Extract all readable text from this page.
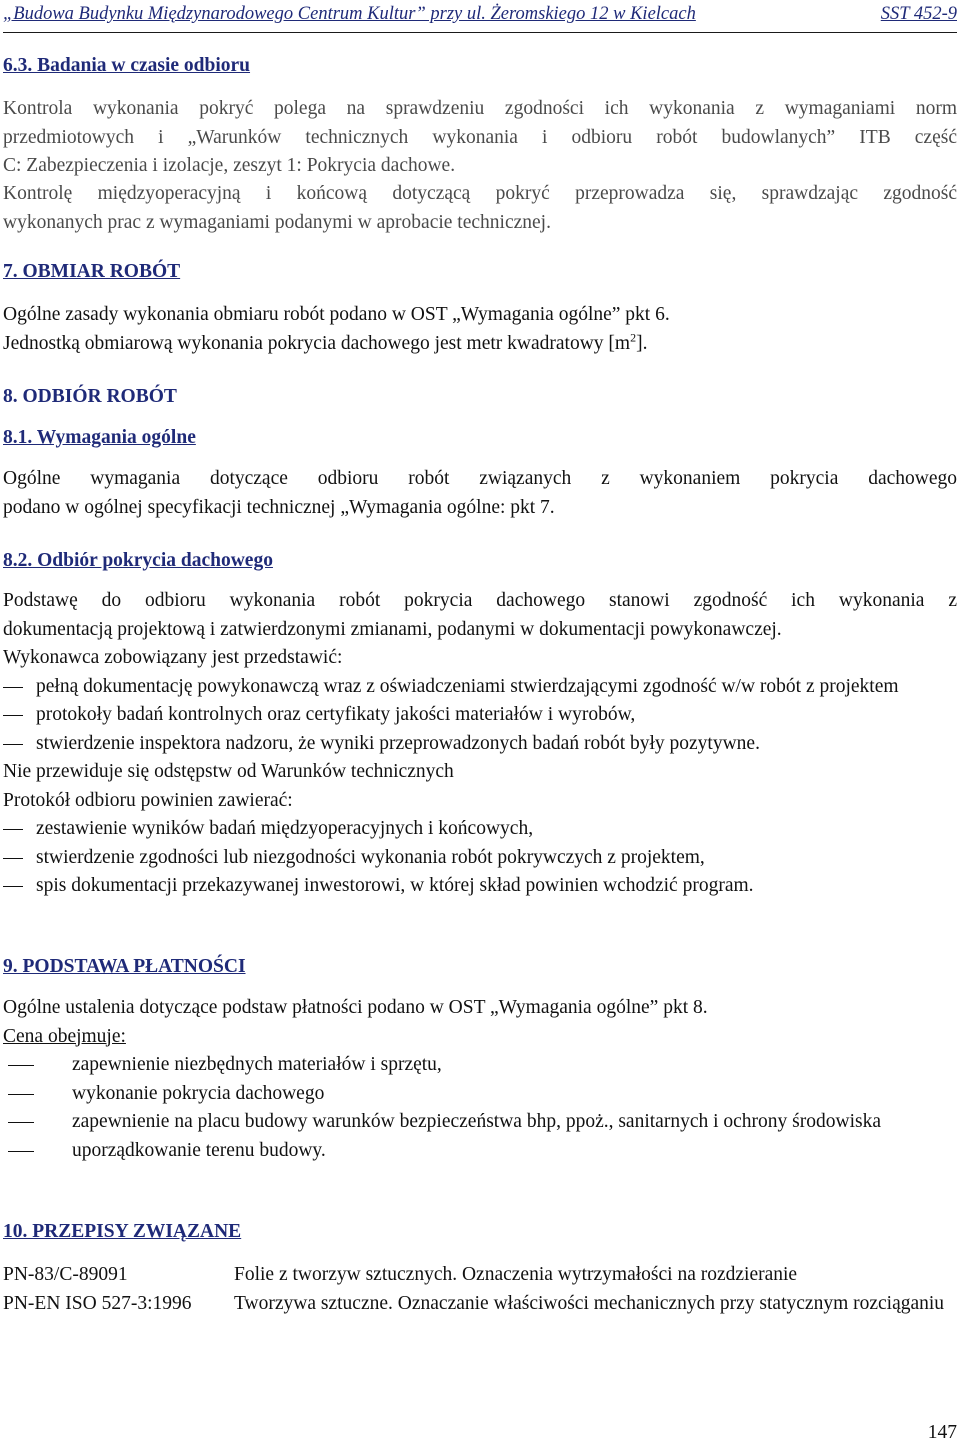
„Budowa Budynku Międzynarodowego Centrum Kultur” przy ul. Żeromskiego 12 w Kielcach	SST 452-9
6.3. Badania w czasie odbioru

Kontrola wykonania pokryć polega na sprawdzeniu zgodności ich wykonania z wymaganiami norm

przedmiotowych i „Warunków technicznych wykonania i odbioru robót budowlanych” ITB część

C: Zabezpieczenia i izolacje, zeszyt 1: Pokrycia dachowe.

Kontrolę międzyoperacyjną i końcową dotyczącą pokryć przeprowadza się, sprawdzając zgodność

wykonanych prac z wymaganiami podanymi w aprobacie technicznej.

7. OBMIAR ROBÓT

Ogólne zasady wykonania obmiaru robót podano w OST „Wymagania ogólne” pkt 6.

Jednostką obmiarową wykonania pokrycia dachowego jest metr kwadratowy $[m^2]$.

8. ODBIÓR ROBÓT
8.1. Wymagania ogólne

Ogólne wymagania dotyczące odbioru robót związanych z wykonaniem pokrycia dachowego

podano w ogólnej specyfikacji technicznej „Wymagania ogólne: pkt 7.

8.2. Odbiór pokrycia dachowego

Podstawę do odbioru wykonania robót pokrycia dachowego stanowi zgodność ich wykonania z

dokumentacją projektową i zatwierdzonymi zmianami, podanymi w dokumentacji powykonawczej.

Wykonawca zobowiązany jest przedstawić:

pełną dokumentację powykonawczą wraz z oświadczeniami stwierdzającymi zgodność w/w robót z projektem

protokoły badań kontrolnych oraz certyfikaty jakości materiałów i wyrobów,

stwierdzenie inspektora nadzoru, że wyniki przeprowadzonych badań robót były pozytywne.

Nie przewiduje się odstępstw od Warunków technicznych

Protokół odbioru powinien zawierać:

zestawienie wyników badań międzyoperacyjnych i końcowych,

stwierdzenie zgodności lub niezgodności wykonania robót pokrywczych z projektem,

spis dokumentacji przekazywanej inwestorowi, w której skład powinien wchodzić program.

9. PODSTAWA PŁATNOŚCI

Ogólne ustalenia dotyczące podstaw płatności podano w OST „Wymagania ogólne” pkt 8.

Cena obejmuje:

zapewnienie niezbędnych materiałów i sprzętu,

wykonanie pokrycia dachowego

zapewnienie na placu budowy warunków bezpieczeństwa bhp, ppoż., sanitarnych i ochrony środowiska

uporządkowanie terenu budowy.

10. PRZEPISY ZWIĄZANE
PN-83/C-89091	Folie z tworzyw sztucznych. Oznaczenia wytrzymałości na rozdzieranie
PN-EN ISO 527-3:1996 Tworzywa sztuczne. Oznaczanie właściwości mechanicznych przy statycznym rozciąganiu
147
